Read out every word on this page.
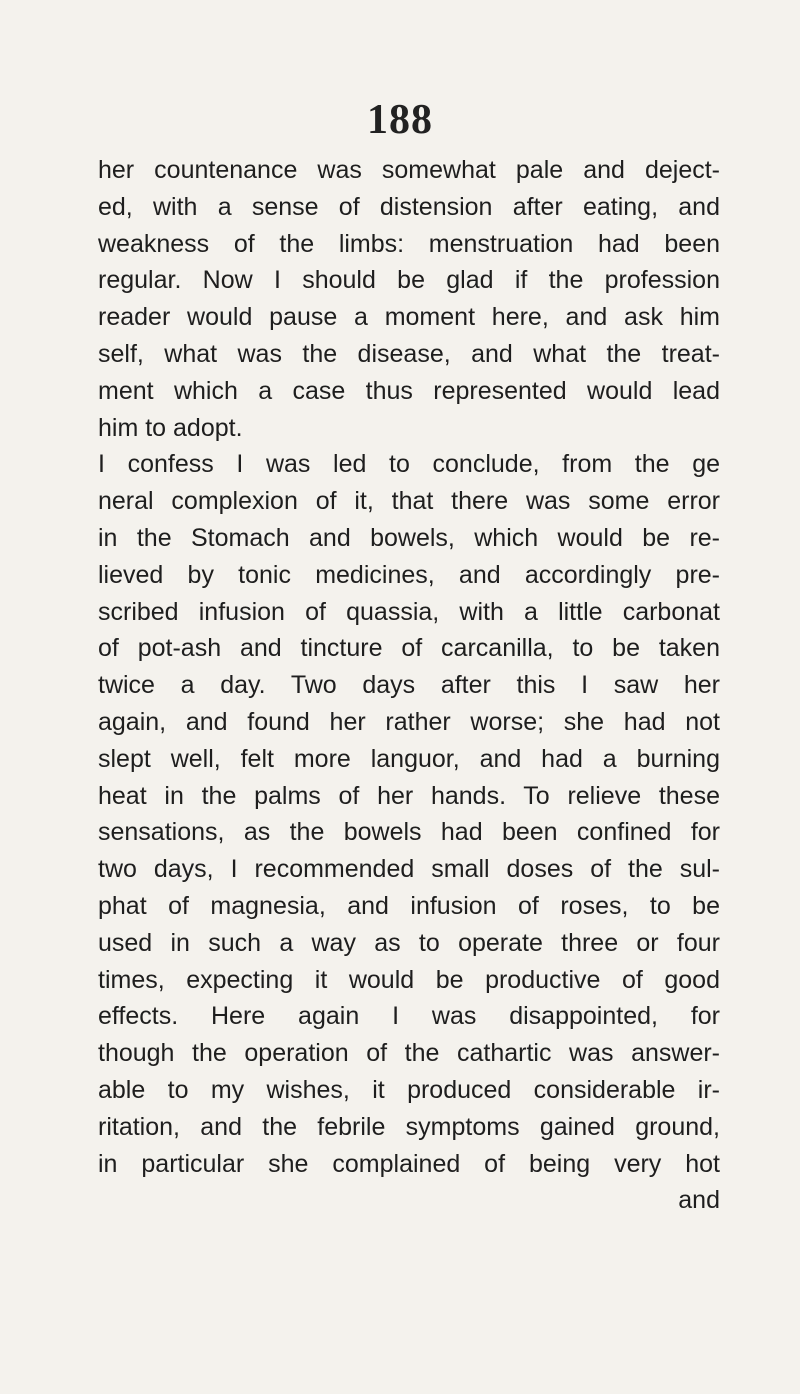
188
her countenance was somewhat pale and deject-
ed, with a sense of distension after eating, and
weakness of the limbs: menstruation had been
regular. Now I should be glad if the profession
reader would pause a moment here, and ask him
self, what was the disease, and what the treat-
ment which a case thus represented would lead
him to adopt.
I confess I was led to conclude, from the ge
neral complexion of it, that there was some error
in the Stomach and bowels, which would be re-
lieved by tonic medicines, and accordingly pre-
scribed infusion of quassia, with a little carbonat
of pot-ash and tincture of carcanilla, to be taken
twice a day. Two days after this I saw her
again, and found her rather worse; she had not
slept well, felt more languor, and had a burning
heat in the palms of her hands. To relieve these
sensations, as the bowels had been confined for
two days, I recommended small doses of the sul-
phat of magnesia, and infusion of roses, to be
used in such a way as to operate three or four
times, expecting it would be productive of good
effects. Here again I was disappointed, for
though the operation of the cathartic was answer-
able to my wishes, it produced considerable ir-
ritation, and the febrile symptoms gained ground,
in particular she complained of being very hot
and
